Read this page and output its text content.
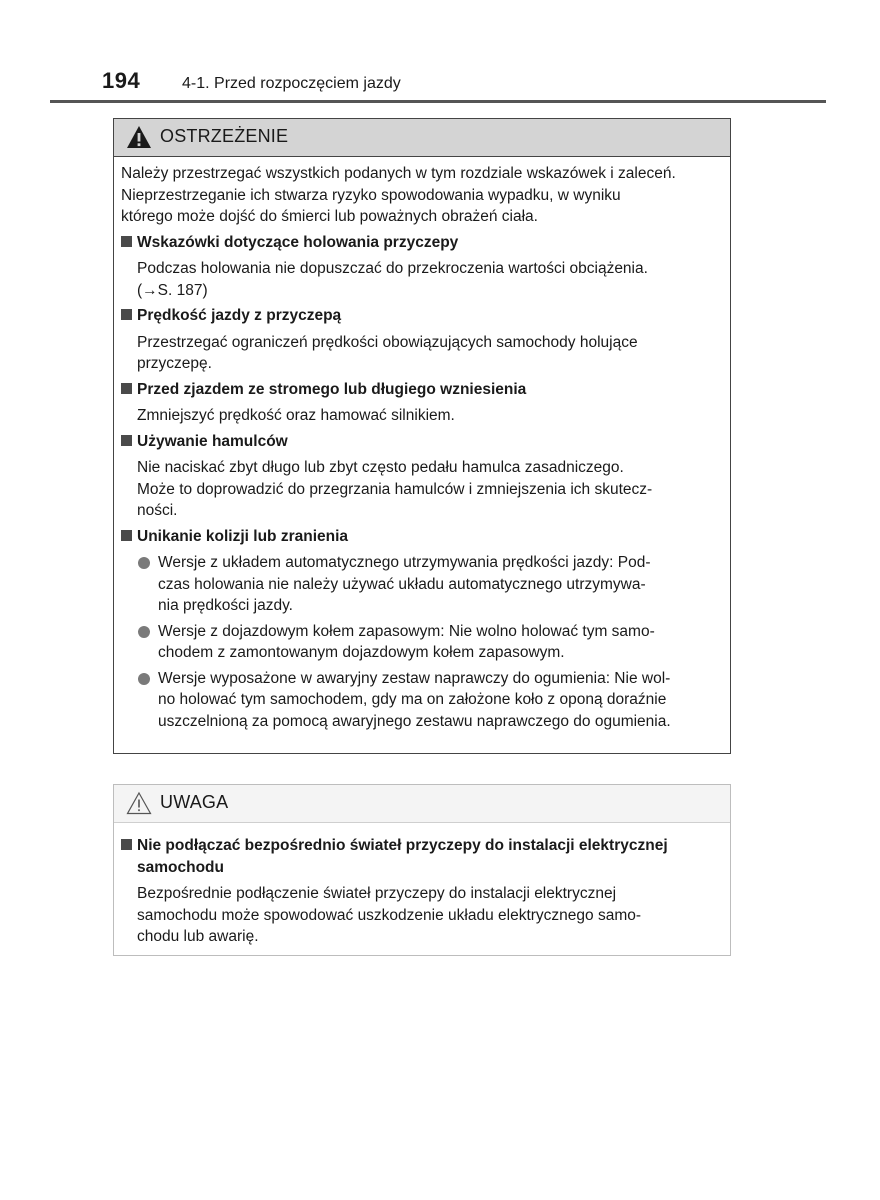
194	4-1. Przed rozpoczęciem jazdy
OSTRZEŻENIE
Należy przestrzegać wszystkich podanych w tym rozdziale wskazówek i zaleceń.
Nieprzestrzeganie ich stwarza ryzyko spowodowania wypadku, w wyniku
którego może dojść do śmierci lub poważnych obrażeń ciała.
Wskazówki dotyczące holowania przyczepy
Podczas holowania nie dopuszczać do przekroczenia wartości obciążenia.
(→S. 187)
Prędkość jazdy z przyczepą
Przestrzegać ograniczeń prędkości obowiązujących samochody holujące
przyczepę.
Przed zjazdem ze stromego lub długiego wzniesienia
Zmniejszyć prędkość oraz hamować silnikiem.
Używanie hamulców
Nie naciskać zbyt długo lub zbyt często pedału hamulca zasadniczego.
Może to doprowadzić do przegrzania hamulców i zmniejszenia ich skutecz-
ności.
Unikanie kolizji lub zranienia
Wersje z układem automatycznego utrzymywania prędkości jazdy: Pod-
czas holowania nie należy używać układu automatycznego utrzymywa-
nia prędkości jazdy.
Wersje z dojazdowym kołem zapasowym: Nie wolno holować tym samo-
chodem z zamontowanym dojazdowym kołem zapasowym.
Wersje wyposażone w awaryjny zestaw naprawczy do ogumienia: Nie wol-
no holować tym samochodem, gdy ma on założone koło z oponą doraźnie
uszczelnioną za pomocą awaryjnego zestawu naprawczego do ogumienia.
UWAGA
Nie podłączać bezpośrednio świateł przyczepy do instalacji elektrycznej
samochodu
Bezpośrednie podłączenie świateł przyczepy do instalacji elektrycznej
samochodu może spowodować uszkodzenie układu elektrycznego samo-
chodu lub awarię.
